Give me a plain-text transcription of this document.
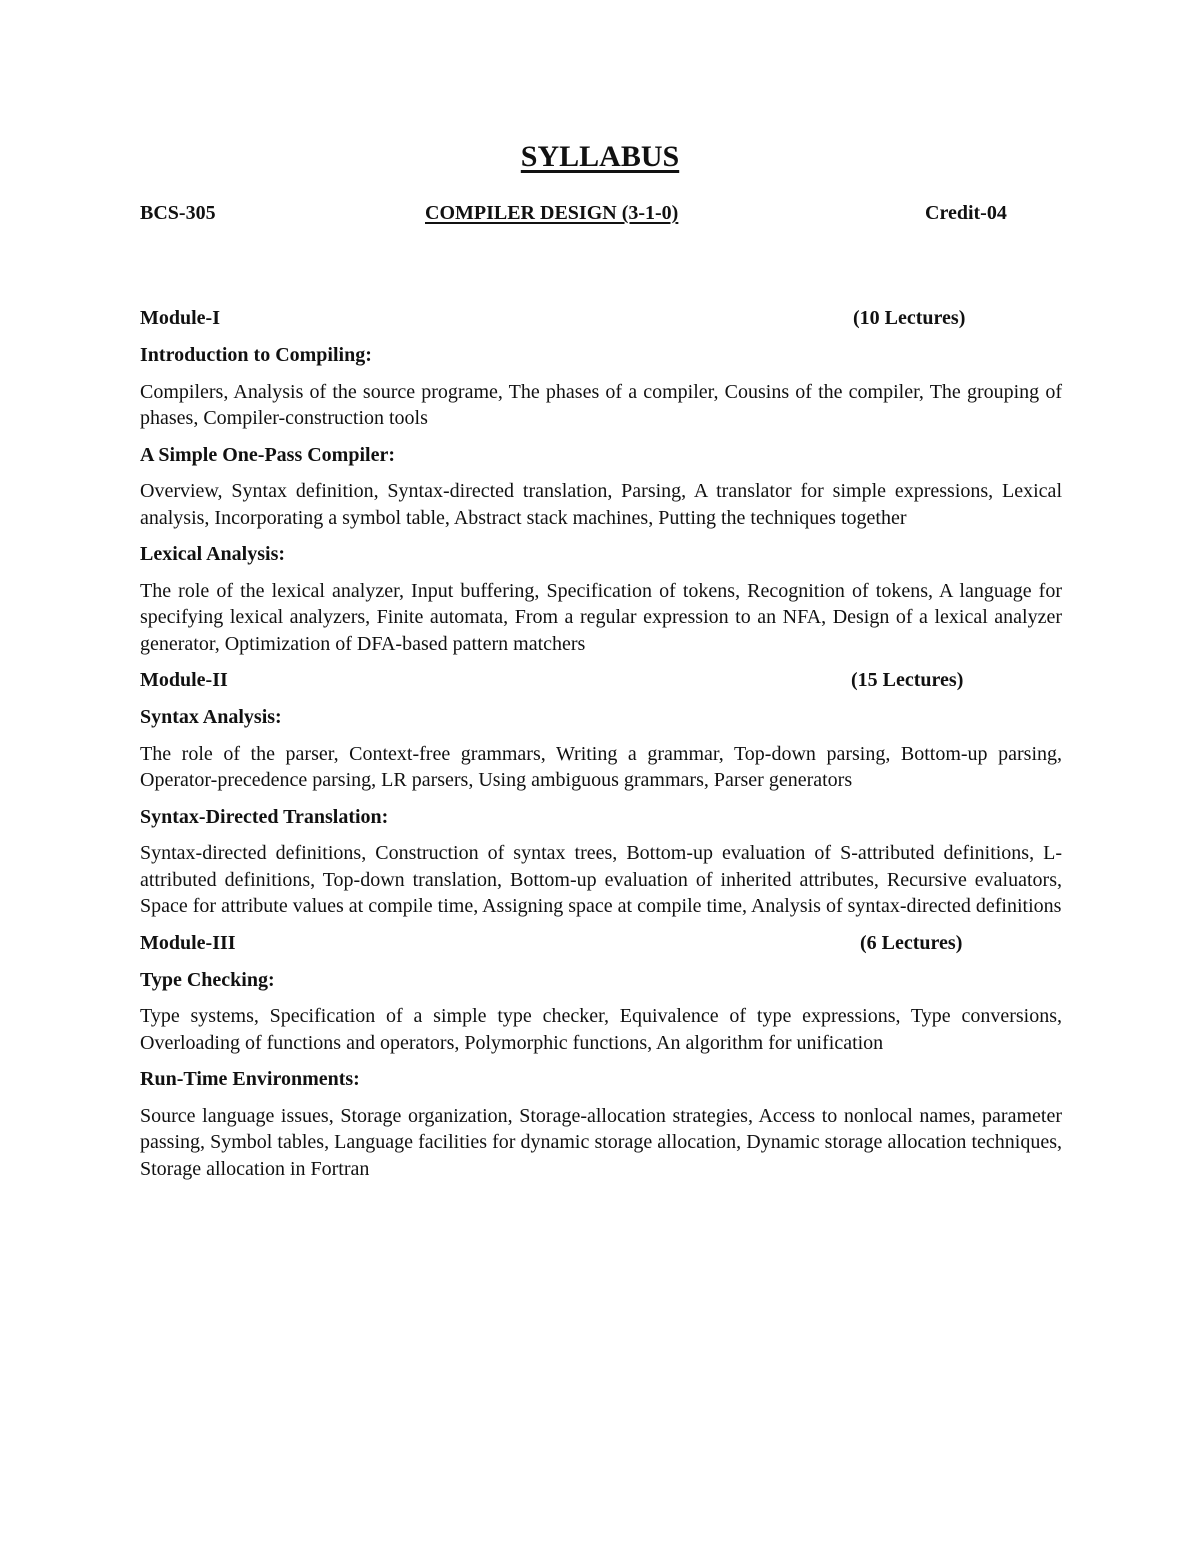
SYLLABUS
BCS-305	COMPILER DESIGN (3-1-0)	Credit-04
Module-I	(10 Lectures)
Introduction to Compiling:
Compilers, Analysis of the source programe, The phases of a compiler, Cousins of the compiler, The grouping of phases, Compiler-construction tools
A Simple One-Pass Compiler:
Overview, Syntax definition, Syntax-directed translation, Parsing, A translator for simple expressions, Lexical analysis, Incorporating a symbol table, Abstract stack machines, Putting the techniques together
Lexical Analysis:
The role of the lexical analyzer, Input buffering, Specification of tokens, Recognition of tokens, A language for specifying lexical analyzers, Finite automata, From a regular expression to an NFA, Design of a lexical analyzer generator, Optimization of DFA-based pattern matchers
Module-II	(15 Lectures)
Syntax Analysis:
The role of the parser, Context-free grammars, Writing a grammar, Top-down parsing, Bottom-up parsing, Operator-precedence parsing, LR parsers, Using ambiguous grammars, Parser generators
Syntax-Directed Translation:
Syntax-directed definitions, Construction of syntax trees, Bottom-up evaluation of S-attributed definitions, L-attributed definitions, Top-down translation, Bottom-up evaluation of inherited attributes, Recursive evaluators, Space for attribute values at compile time, Assigning space at compile time, Analysis of syntax-directed definitions
Module-III	(6 Lectures)
Type Checking:
Type systems, Specification of a simple type checker, Equivalence of type expressions, Type conversions, Overloading of functions and operators, Polymorphic functions, An algorithm for unification
Run-Time Environments:
Source language issues, Storage organization, Storage-allocation strategies, Access to nonlocal names, parameter passing, Symbol tables, Language facilities for dynamic storage allocation, Dynamic storage allocation techniques, Storage allocation in Fortran
